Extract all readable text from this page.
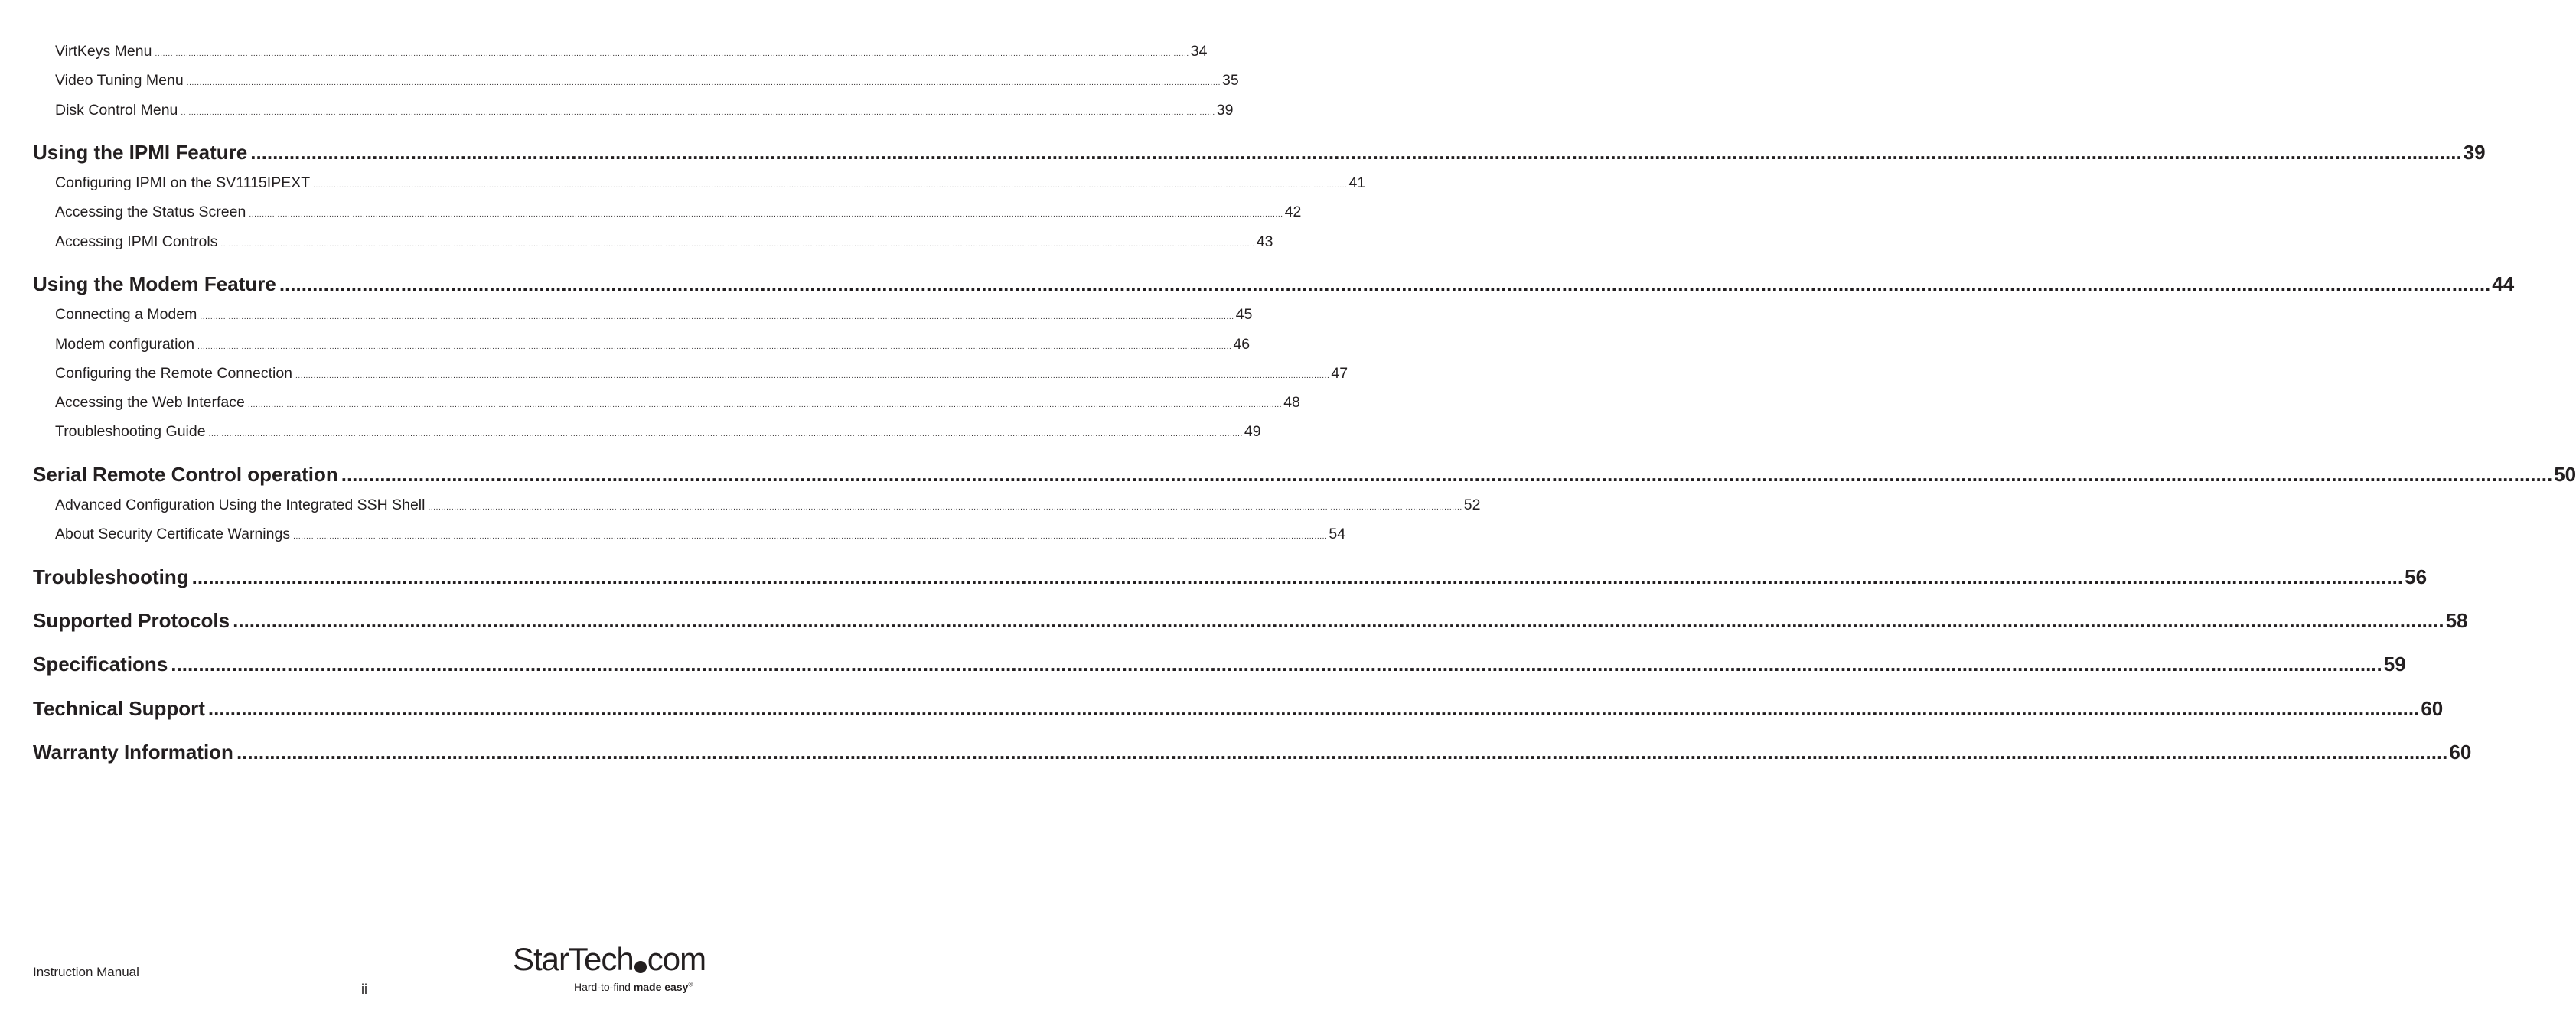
VirtKeys Menu ................................................................................................................................................................................................................................................................................................................................................................................................................ 34
Video Tuning Menu ................................................................................................................................................................................................................................................................................................................................................................................................................ 35
Disk Control Menu ................................................................................................................................................................................................................................................................................................................................................................................................................ 39
Using the IPMI Feature ................................................................................................................................................................................................................................................................................................................................................................................................................ 39
Configuring IPMI on the SV1115IPEXT ................................................................................................................................................................................................................................................................................................................................................................................................................ 41
Accessing the Status Screen ................................................................................................................................................................................................................................................................................................................................................................................................................ 42
Accessing IPMI Controls ................................................................................................................................................................................................................................................................................................................................................................................................................ 43
Using the Modem Feature ................................................................................................................................................................................................................................................................................................................................................................................................................ 44
Connecting a Modem ................................................................................................................................................................................................................................................................................................................................................................................................................ 45
Modem configuration ................................................................................................................................................................................................................................................................................................................................................................................................................ 46
Configuring the Remote Connection ................................................................................................................................................................................................................................................................................................................................................................................................................ 47
Accessing the Web Interface ................................................................................................................................................................................................................................................................................................................................................................................................................ 48
Troubleshooting Guide ................................................................................................................................................................................................................................................................................................................................................................................................................ 49
Serial Remote Control operation ................................................................................................................................................................................................................................................................................................................................................................................................................ 50
Advanced Configuration Using the Integrated SSH Shell ................................................................................................................................................................................................................................................................................................................................................................................................................ 52
About Security Certificate Warnings ................................................................................................................................................................................................................................................................................................................................................................................................................ 54
Troubleshooting ................................................................................................................................................................................................................................................................................................................................................................................................................ 56
Supported Protocols ................................................................................................................................................................................................................................................................................................................................................................................................................ 58
Specifications ................................................................................................................................................................................................................................................................................................................................................................................................................ 59
Technical Support ................................................................................................................................................................................................................................................................................................................................................................................................................ 60
Warranty Information ................................................................................................................................................................................................................................................................................................................................................................................................................ 60
Instruction Manual
ii
StarTech com
Hard-to-find made easy®
